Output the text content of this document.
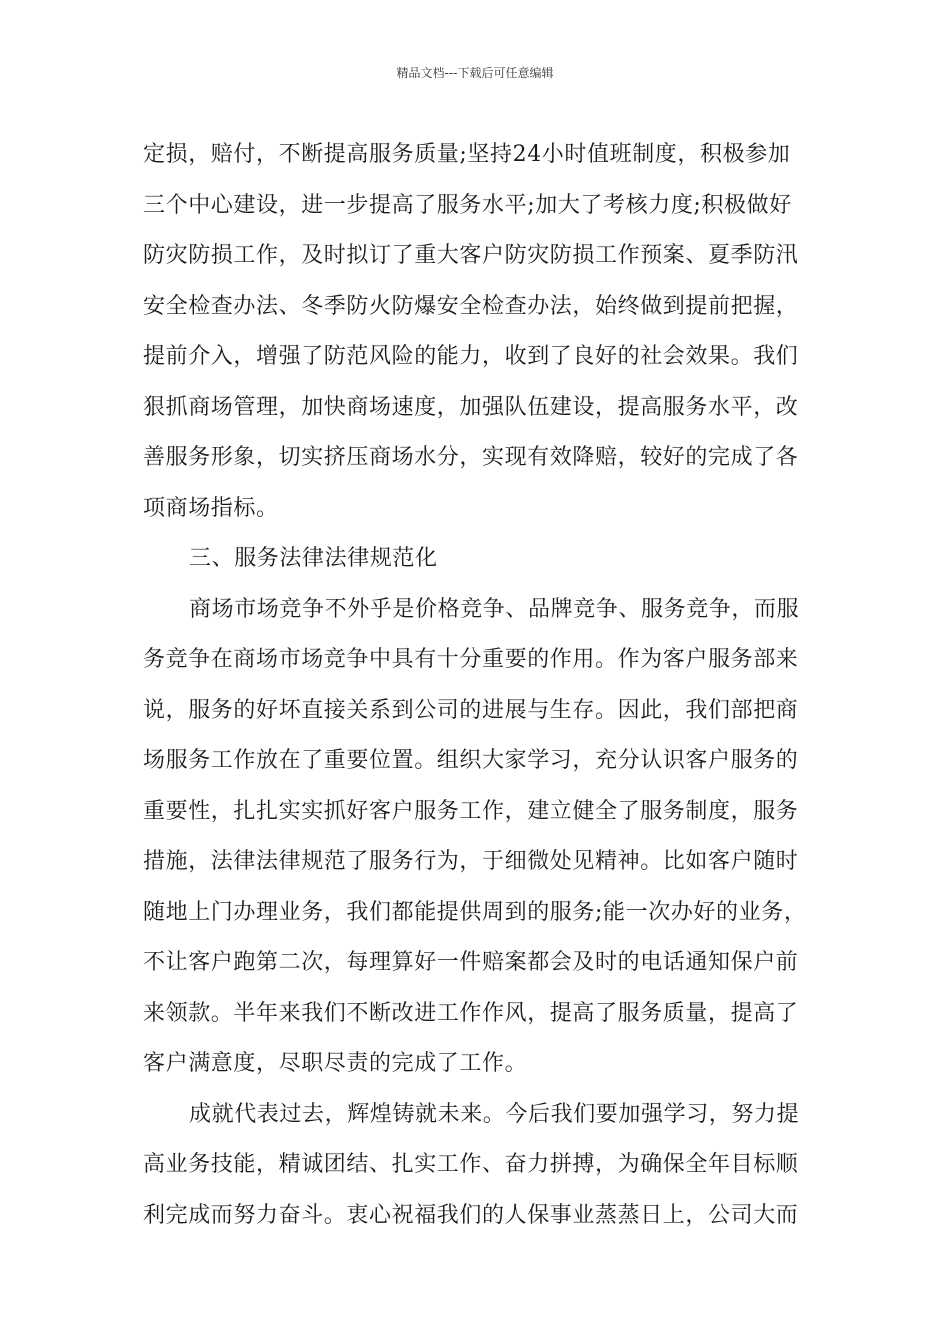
精品文档---下载后可任意编辑

定损，赔付，不断提高服务质量;坚持24小时值班制度，积极参加
三个中心建设，进一步提高了服务水平;加大了考核力度;积极做好
防灾防损工作，及时拟订了重大客户防灾防损工作预案、夏季防汛
安全检查办法、冬季防火防爆安全检查办法，始终做到提前把握，
提前介入，增强了防范风险的能力，收到了良好的社会效果。我们
狠抓商场管理，加快商场速度，加强队伍建设，提高服务水平，改
善服务形象，切实挤压商场水分，实现有效降赔，较好的完成了各
项商场指标。

三、服务法律法律规范化

商场市场竞争不外乎是价格竞争、品牌竞争、服务竞争，而服
务竞争在商场市场竞争中具有十分重要的作用。作为客户服务部来
说，服务的好坏直接关系到公司的进展与生存。因此，我们部把商
场服务工作放在了重要位置。组织大家学习，充分认识客户服务的
重要性，扎扎实实抓好客户服务工作，建立健全了服务制度，服务
措施，法律法律规范了服务行为，于细微处见精神。比如客户随时
随地上门办理业务，我们都能提供周到的服务;能一次办好的业务，
不让客户跑第二次，每理算好一件赔案都会及时的电话通知保户前
来领款。半年来我们不断改进工作作风，提高了服务质量，提高了
客户满意度，尽职尽责的完成了工作。

成就代表过去，辉煌铸就未来。今后我们要加强学习，努力提
高业务技能，精诚团结、扎实工作、奋力拼搏，为确保全年目标顺
利完成而努力奋斗。衷心祝福我们的人保事业蒸蒸日上，公司大而
